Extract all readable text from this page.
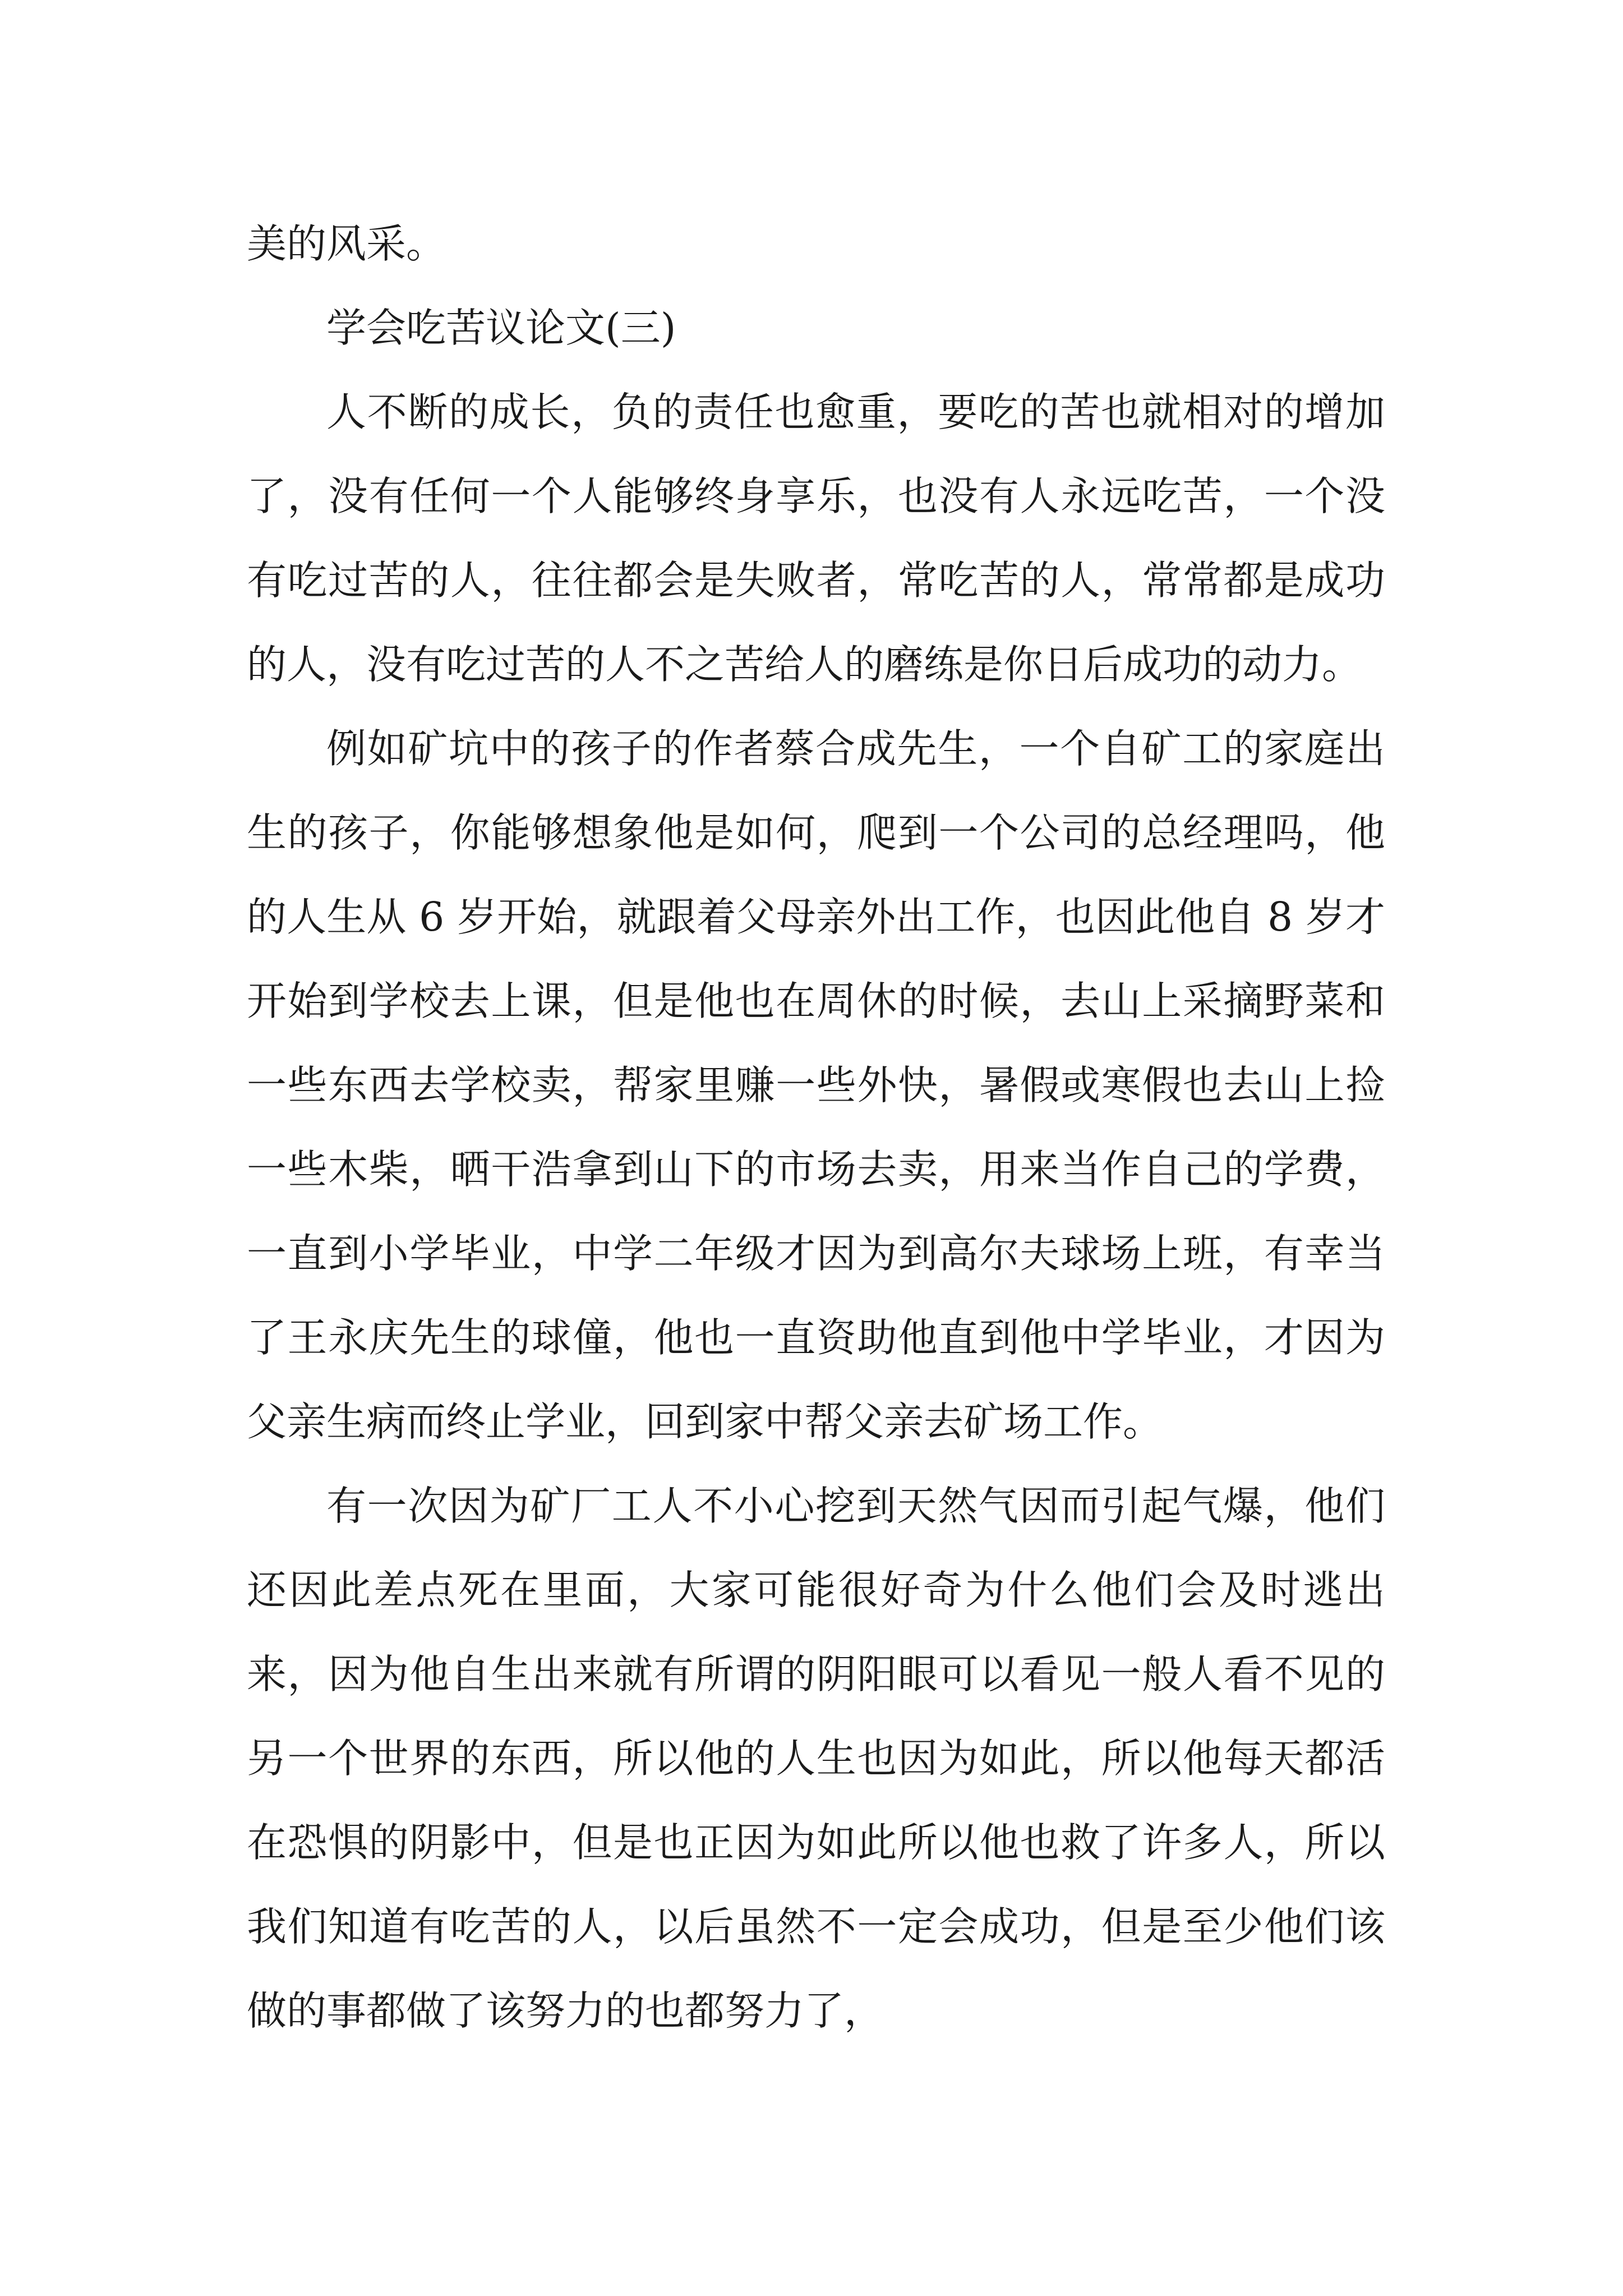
美的风采。

学会吃苦议论文(三)

人不断的成长，负的责任也愈重，要吃的苦也就相对的增加了，没有任何一个人能够终身享乐，也没有人永远吃苦，一个没有吃过苦的人，往往都会是失败者，常吃苦的人，常常都是成功的人，没有吃过苦的人不之苦给人的磨练是你日后成功的动力。

例如矿坑中的孩子的作者蔡合成先生，一个自矿工的家庭出生的孩子，你能够想象他是如何，爬到一个公司的总经理吗，他的人生从 6 岁开始，就跟着父母亲外出工作，也因此他自 8 岁才开始到学校去上课，但是他也在周休的时候，去山上采摘野菜和一些东西去学校卖，帮家里赚一些外快，暑假或寒假也去山上捡一些木柴，晒干浩拿到山下的市场去卖，用来当作自己的学费，一直到小学毕业，中学二年级才因为到高尔夫球场上班，有幸当了王永庆先生的球僮，他也一直资助他直到他中学毕业，才因为父亲生病而终止学业，回到家中帮父亲去矿场工作。

有一次因为矿厂工人不小心挖到天然气因而引起气爆，他们还因此差点死在里面，大家可能很好奇为什么他们会及时逃出来，因为他自生出来就有所谓的阴阳眼可以看见一般人看不见的另一个世界的东西，所以他的人生也因为如此，所以他每天都活在恐惧的阴影中，但是也正因为如此所以他也救了许多人，所以我们知道有吃苦的人，以后虽然不一定会成功，但是至少他们该做的事都做了该努力的也都努力了，
